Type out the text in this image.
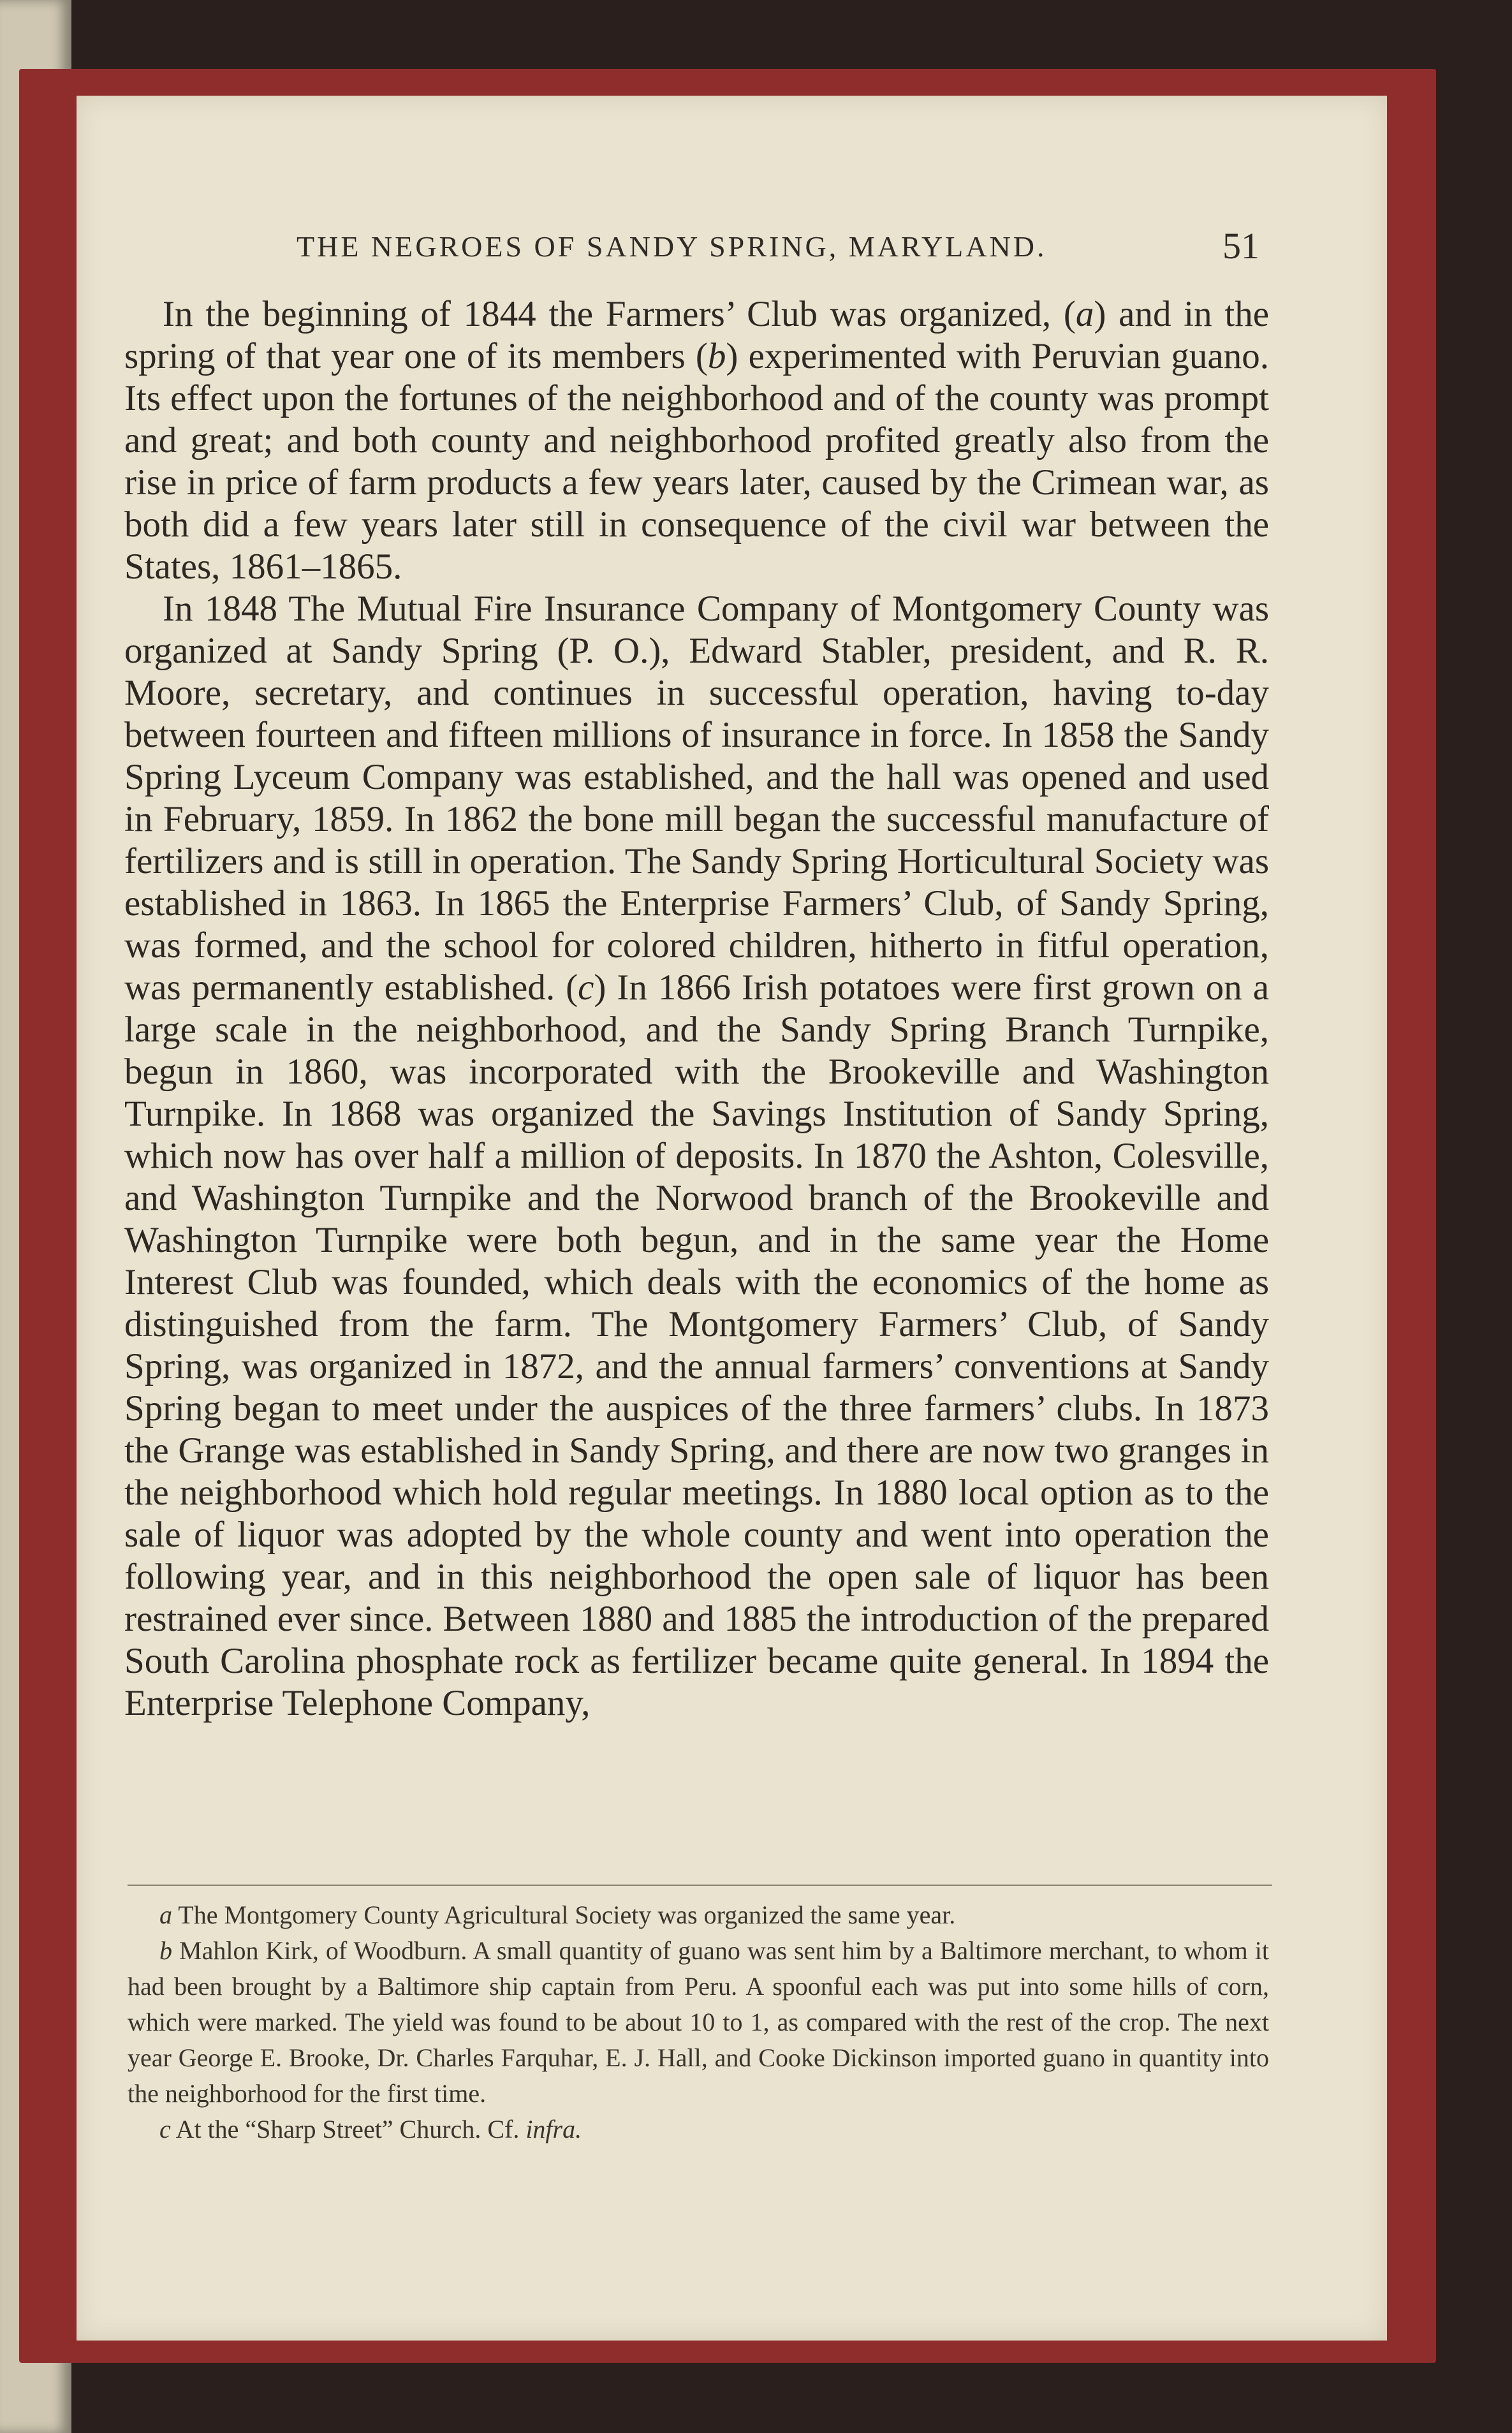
THE NEGROES OF SANDY SPRING, MARYLAND.	51

In the beginning of 1844 the Farmers’ Club was organized, (a) and in the spring of that year one of its members (b) experimented with Peruvian guano. Its effect upon the fortunes of the neighborhood and of the county was prompt and great; and both county and neighborhood profited greatly also from the rise in price of farm products a few years later, caused by the Crimean war, as both did a few years later still in consequence of the civil war between the States, 1861–1865.

In 1848 The Mutual Fire Insurance Company of Montgomery County was organized at Sandy Spring (P. O.), Edward Stabler, president, and R. R. Moore, secretary, and continues in successful operation, having to-day between fourteen and fifteen millions of insurance in force. In 1858 the Sandy Spring Lyceum Company was established, and the hall was opened and used in February, 1859. In 1862 the bone mill began the successful manufacture of fertilizers and is still in operation. The Sandy Spring Horticultural Society was established in 1863. In 1865 the Enterprise Farmers’ Club, of Sandy Spring, was formed, and the school for colored children, hitherto in fitful operation, was permanently established. (c) In 1866 Irish potatoes were first grown on a large scale in the neighborhood, and the Sandy Spring Branch Turnpike, begun in 1860, was incorporated with the Brookeville and Washington Turnpike. In 1868 was organized the Savings Institution of Sandy Spring, which now has over half a million of deposits. In 1870 the Ashton, Colesville, and Washington Turnpike and the Norwood branch of the Brookeville and Washington Turnpike were both begun, and in the same year the Home Interest Club was founded, which deals with the economics of the home as distinguished from the farm. The Montgomery Farmers’ Club, of Sandy Spring, was organized in 1872, and the annual farmers’ conventions at Sandy Spring began to meet under the auspices of the three farmers’ clubs. In 1873 the Grange was established in Sandy Spring, and there are now two granges in the neighborhood which hold regular meetings. In 1880 local option as to the sale of liquor was adopted by the whole county and went into operation the following year, and in this neighborhood the open sale of liquor has been restrained ever since. Between 1880 and 1885 the introduction of the prepared South Carolina phosphate rock as fertilizer became quite general. In 1894 the Enterprise Telephone Company,

a The Montgomery County Agricultural Society was organized the same year.

b Mahlon Kirk, of Woodburn. A small quantity of guano was sent him by a Baltimore merchant, to whom it had been brought by a Baltimore ship captain from Peru. A spoonful each was put into some hills of corn, which were marked. The yield was found to be about 10 to 1, as compared with the rest of the crop. The next year George E. Brooke, Dr. Charles Farquhar, E. J. Hall, and Cooke Dickinson imported guano in quantity into the neighborhood for the first time.

c At the “Sharp Street” Church. Cf. infra.
